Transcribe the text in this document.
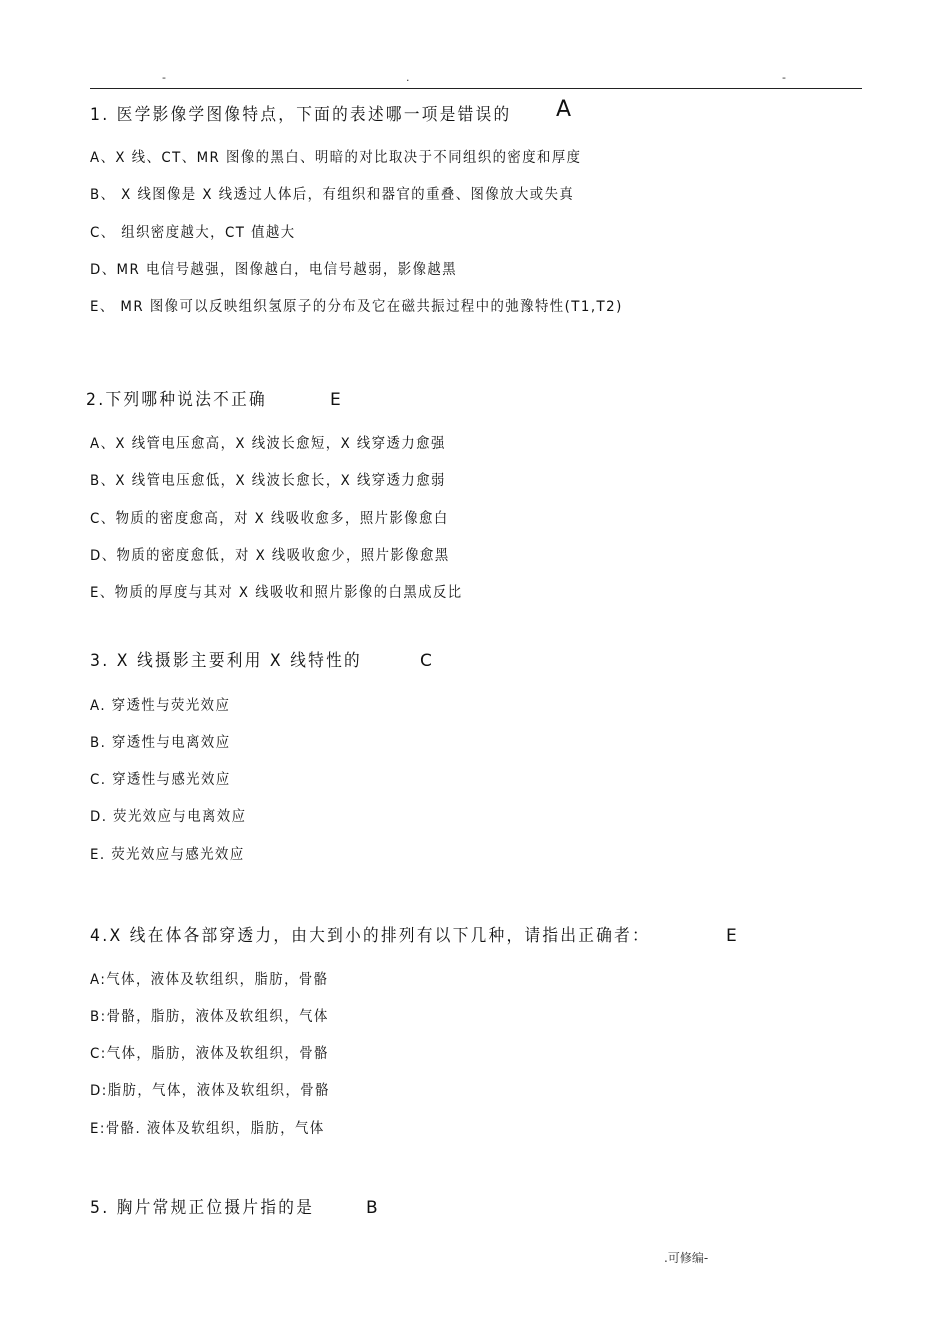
-	.	-
1. 医学影像学图像特点，下面的表述哪一项是错误的 A
A、X 线、CT、MR 图像的黑白、明暗的对比取决于不同组织的密度和厚度
B、 X 线图像是 X 线透过人体后，有组织和器官的重叠、图像放大或失真
C、 组织密度越大，CT 值越大
D、MR 电信号越强，图像越白，电信号越弱，影像越黑
E、 MR 图像可以反映组织氢原子的分布及它在磁共振过程中的弛豫特性(T1,T2)
2.下列哪种说法不正确	E
A、X 线管电压愈高，X 线波长愈短，X 线穿透力愈强
B、X 线管电压愈低，X 线波长愈长，X 线穿透力愈弱
C、物质的密度愈高，对 X 线吸收愈多，照片影像愈白
D、物质的密度愈低，对 X 线吸收愈少，照片影像愈黑
E、物质的厚度与其对 X 线吸收和照片影像的白黑成反比
3. X 线摄影主要利用 X 线特性的	C
A. 穿透性与荧光效应
B. 穿透性与电离效应
C. 穿透性与感光效应
D. 荧光效应与电离效应
E. 荧光效应与感光效应
4.X 线在体各部穿透力，由大到小的排列有以下几种，请指出正确者：	E
A:气体，液体及软组织，脂肪，骨骼
B:骨骼，脂肪，液体及软组织，气体
C:气体，脂肪，液体及软组织，骨骼
D:脂肪，气体，液体及软组织，骨骼
E:骨骼. 液体及软组织，脂肪，气体
5. 胸片常规正位摄片指的是	B
.可修编-
